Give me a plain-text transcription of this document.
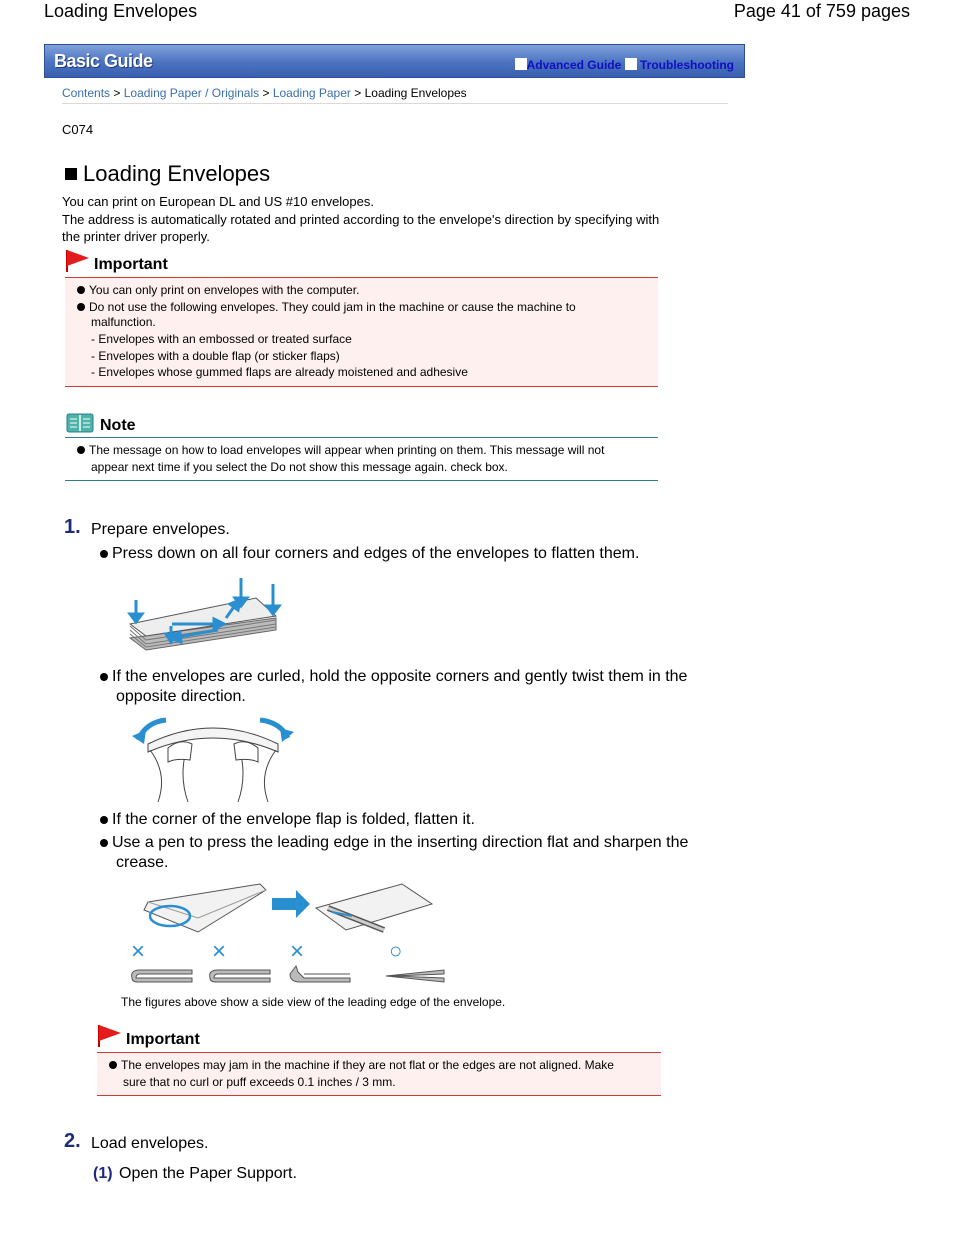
Loading Envelopes	Page 41 of 759 pages
Basic Guide	Advanced Guide Troubleshooting
Contents > Loading Paper / Originals > Loading Paper > Loading Envelopes
C074
Loading Envelopes
You can print on European DL and US #10 envelopes.
The address is automatically rotated and printed according to the envelope's direction by specifying with
the printer driver properly.
Important
You can only print on envelopes with the computer.
Do not use the following envelopes. They could jam in the machine or cause the machine to
malfunction.
- Envelopes with an embossed or treated surface
- Envelopes with a double flap (or sticker flaps)
- Envelopes whose gummed flaps are already moistened and adhesive
Note
The message on how to load envelopes will appear when printing on them. This message will not
appear next time if you select the Do not show this message again. check box.
1. Prepare envelopes.
Press down on all four corners and edges of the envelopes to flatten them.
If the envelopes are curled, hold the opposite corners and gently twist them in the
opposite direction.
If the corner of the envelope flap is folded, flatten it.
Use a pen to press the leading edge in the inserting direction flat and sharpen the
crease.
×	×	×	○
The figures above show a side view of the leading edge of the envelope.
Important
The envelopes may jam in the machine if they are not flat or the edges are not aligned. Make
sure that no curl or puff exceeds 0.1 inches / 3 mm.
2. Load envelopes.
(1) Open the Paper Support.
